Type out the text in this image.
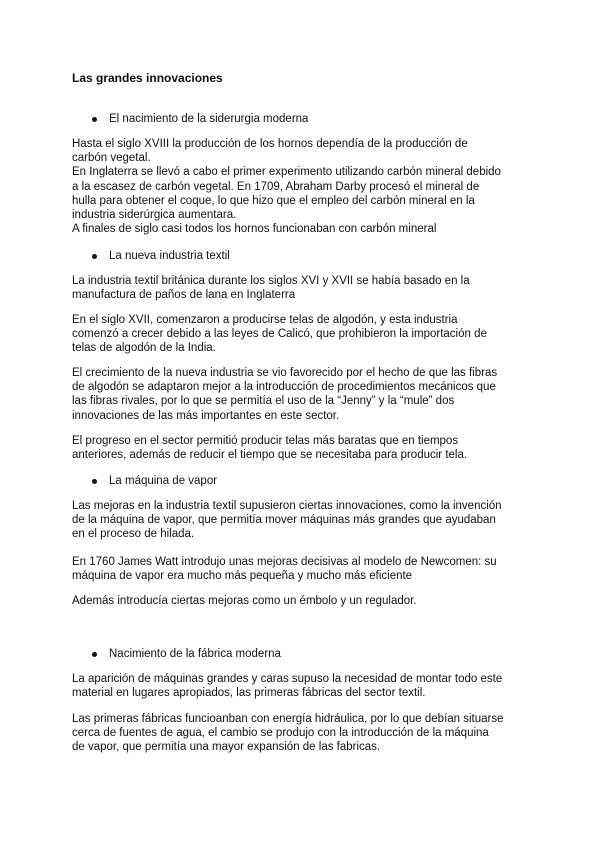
Las grandes innovaciones
El nacimiento de la siderurgia moderna

Hasta el siglo XVIII la producción de los hornos dependía de la producción de
carbón vegetal.
En Inglaterra se llevó a cabo el primer experimento utilizando carbón mineral debido
a la escasez de carbón vegetal. En 1709, Abraham Darby procesó el mineral de
hulla para obtener el coque, lo que hizo que el empleo del carbón mineral en la
industria siderúrgica aumentara.
A finales de siglo casi todos los hornos funcionaban con carbón mineral

La nueva industria textil

La industria textil británica durante los siglos XVI y XVII se había basado en la
manufactura de paños de lana en Inglaterra

En el siglo XVII, comenzaron a producirse telas de algodón, y esta industria
comenzó a crecer debido a las leyes de Calicó, que prohibieron la importación de
telas de algodón de la India.

El crecimiento de la nueva industria se vio favorecido por el hecho de que las fibras
de algodón se adaptaron mejor a la introducción de procedimientos mecánicos que
las fibras rivales, por lo que se permitía el uso de la “Jenny” y la “mule” dos
innovaciones de las más importantes en este sector.

El progreso en el sector permitió producir telas más baratas que en tiempos
anteriores, además de reducir el tiempo que se necesitaba para producir tela.

La máquina de vapor

Las mejoras en la industria textil supusieron ciertas innovaciones, como la invención
de la máquina de vapor, que permitía mover máquinas más grandes que ayudaban
en el proceso de hilada.

En 1760 James Watt introdujo unas mejoras decisivas al modelo de Newcomen: su
máquina de vapor era mucho más pequeña y mucho más eficiente

Además introducía ciertas mejoras como un émbolo y un regulador.

Nacimiento de la fábrica moderna

La aparición de máquinas grandes y caras supuso la necesidad de montar todo este
material en lugares apropiados, las primeras fábricas del sector textil.

Las primeras fábricas funcioanban con energía hidráulica, por lo que debían situarse
cerca de fuentes de agua, el cambio se produjo con la introducción de la máquina
de vapor, que permitía una mayor expansión de las fabricas.
